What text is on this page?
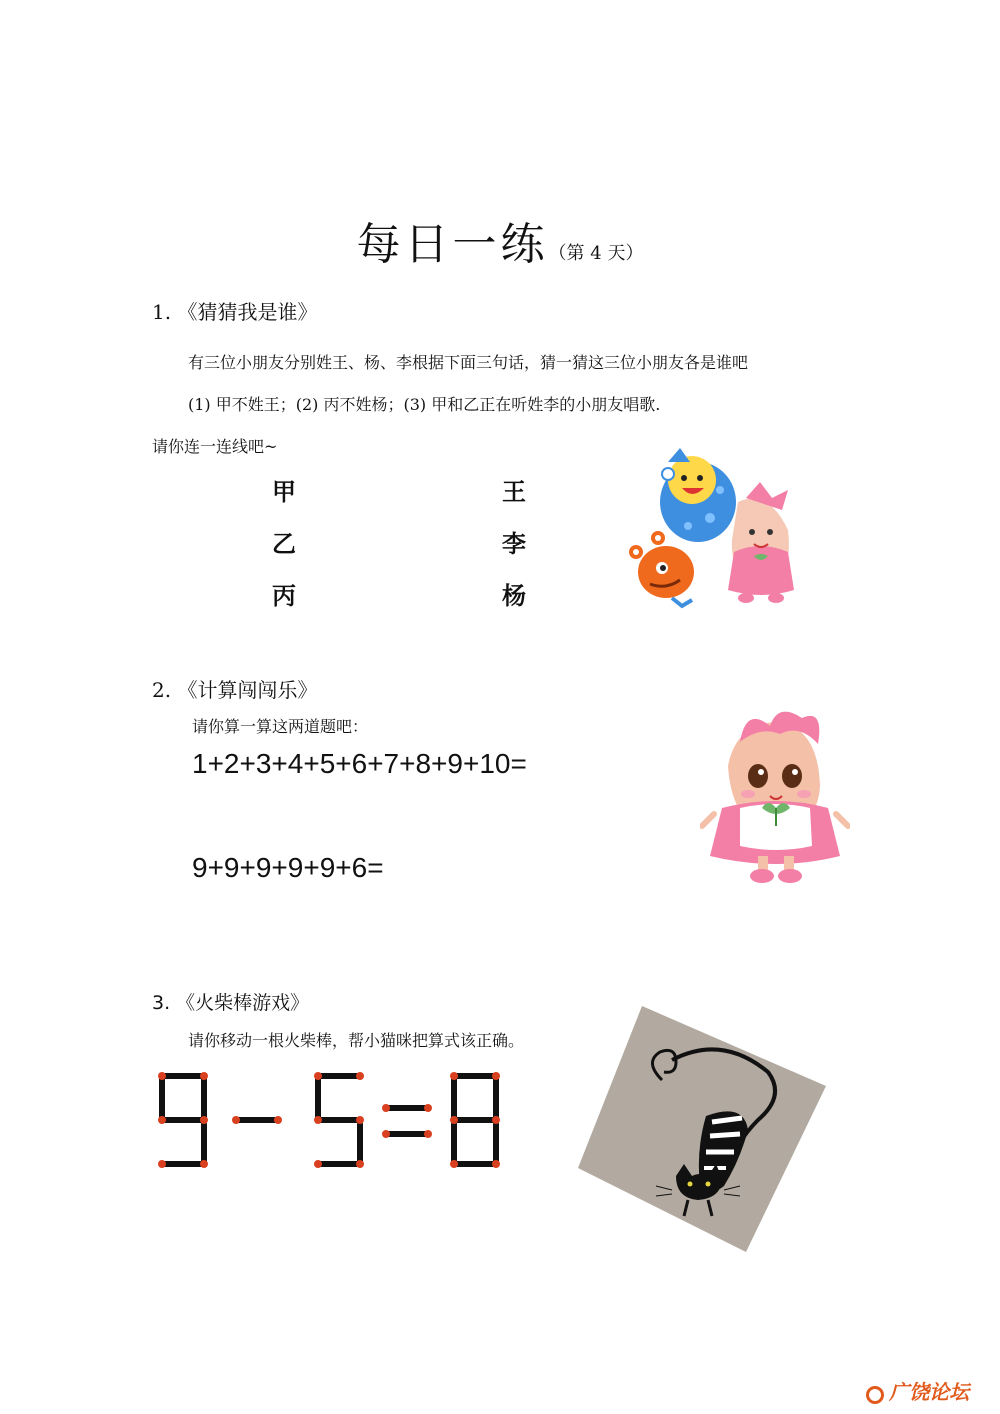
每日一练（第 4 天）
1. 《猜猜我是谁》
有三位小朋友分别姓王、杨、李根据下面三句话，猜一猜这三位小朋友各是谁吧
(1) 甲不姓王；(2) 丙不姓杨；(3) 甲和乙正在听姓李的小朋友唱歌.
请你连一连线吧~
甲
乙
丙
王
李
杨
2. 《计算闯闯乐》
请你算一算这两道题吧：
1+2+3+4+5+6+7+8+9+10=
9+9+9+9+9+6=
3. 《火柴棒游戏》
请你移动一根火柴棒，帮小猫咪把算式该正确。
广饶论坛
